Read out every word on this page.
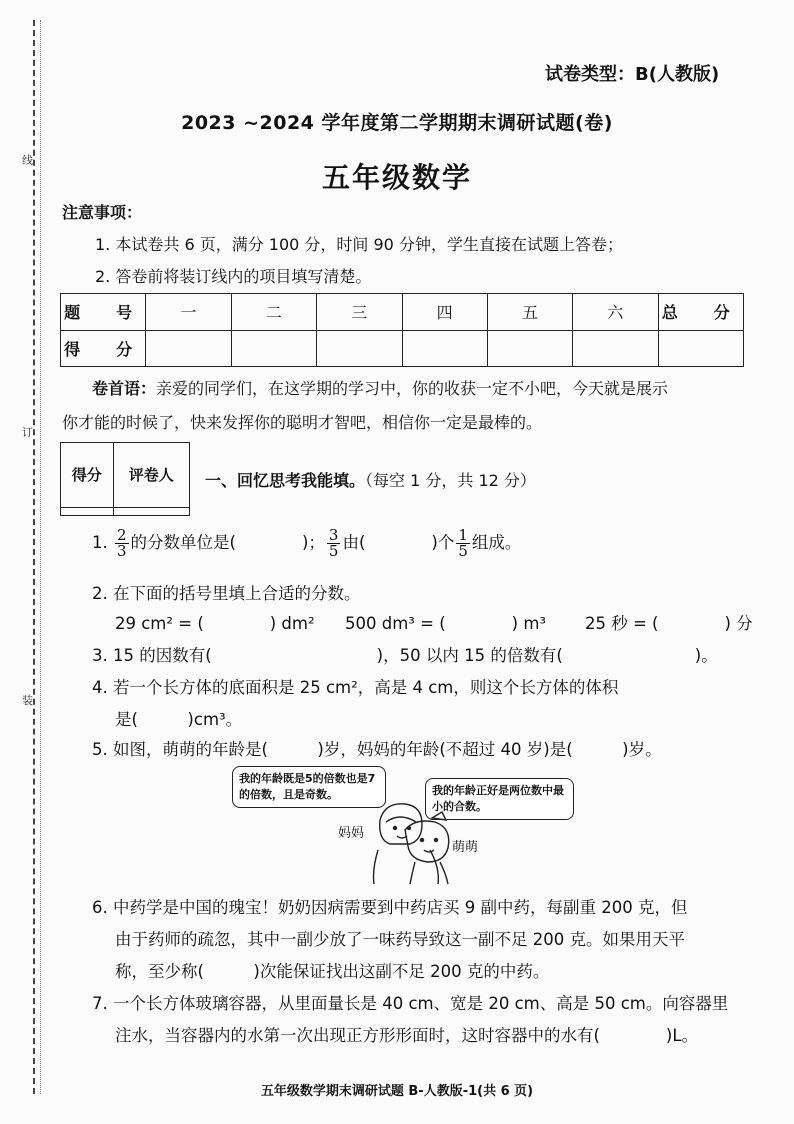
线
订
装
试卷类型：B(人教版)
2023 ~2024 学年度第二学期期末调研试题(卷)
五年级数学
注意事项：
1. 本试卷共 6 页，满分 100 分，时间 90 分钟，学生直接在试题上答卷；
2. 答卷前将装订线内的项目填写清楚。
题　号	一	二	三	四	五	六	总　分
得　分							
卷首语：亲爱的同学们，在这学期的学习中，你的收获一定不小吧，今天就是展示
你才能的时候了，快来发挥你的聪明才智吧，相信你一定是最棒的。
得分	评卷人
	一、回忆思考我能填。（每空 1 分，共 12 分）
1. $\frac{2}{3}$ 的分数单位是(　　　　)； $\frac{3}{5}$ 由(　　　　)个 $\frac{1}{5}$ 组成。
2. 在下面的括号里填上合适的分数。
29 cm² = (　　　　) dm² 500 dm³ = (　　　　) m³ 25 秒 = (　　　　) 分
3. 15 的因数有(　　　　　　　　　　)，50 以内 15 的倍数有(　　　　　　　　)。
4. 若一个长方体的底面积是 25 cm²，高是 4 cm，则这个长方体的体积
是(　　　)cm³。
5. 如图，萌萌的年龄是(　　　)岁，妈妈的年龄(不超过 40 岁)是(　　　)岁。
我的年龄既是5的倍数也是7的倍数，且是奇数。	我的年龄正好是两位数中最小的合数。
妈妈
萌萌
6. 中药学是中国的瑰宝！奶奶因病需要到中药店买 9 副中药，每副重 200 克，但
由于药师的疏忽，其中一副少放了一味药导致这一副不足 200 克。如果用天平
称，至少称(　　　)次能保证找出这副不足 200 克的中药。
7. 一个长方体玻璃容器，从里面量长是 40 cm、宽是 20 cm、高是 50 cm。向容器里
注水，当容器内的水第一次出现正方形形面时，这时容器中的水有(　　　　)L。
五年级数学期末调研试题 B-人教版-1(共 6 页)
